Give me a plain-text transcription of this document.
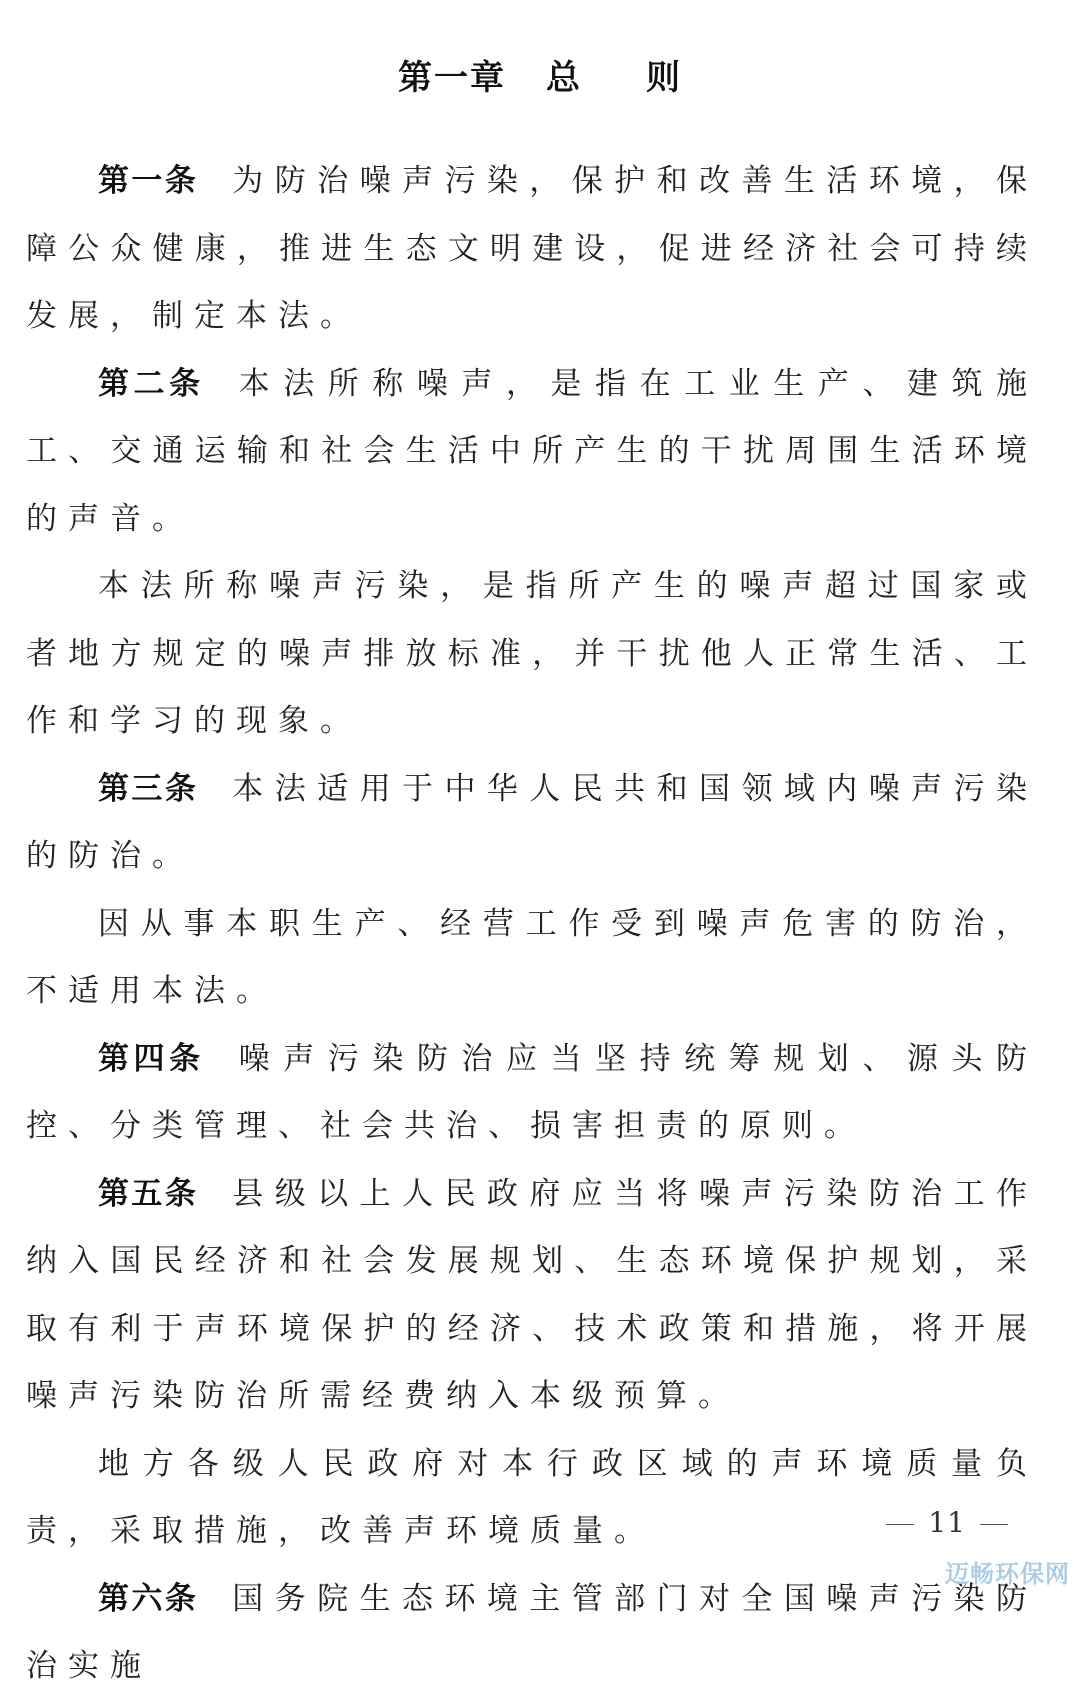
第一章 总 则

第一条 为防治噪声污染，保护和改善生活环境，保障公众健康，推进生态文明建设，促进经济社会可持续发展，制定本法。

第二条 本法所称噪声，是指在工业生产、建筑施工、交通运输和社会生活中所产生的干扰周围生活环境的声音。

本法所称噪声污染，是指所产生的噪声超过国家或者地方规定的噪声排放标准，并干扰他人正常生活、工作和学习的现象。

第三条 本法适用于中华人民共和国领域内噪声污染的防治。

因从事本职生产、经营工作受到噪声危害的防治，不适用本法。

第四条 噪声污染防治应当坚持统筹规划、源头防控、分类管理、社会共治、损害担责的原则。

第五条 县级以上人民政府应当将噪声污染防治工作纳入国民经济和社会发展规划、生态环境保护规划，采取有利于声环境保护的经济、技术政策和措施，将开展噪声污染防治所需经费纳入本级预算。

地方各级人民政府对本行政区域的声环境质量负责，采取措施，改善声环境质量。

第六条 国务院生态环境主管部门对全国噪声污染防治实施

11
迈畅环保网
